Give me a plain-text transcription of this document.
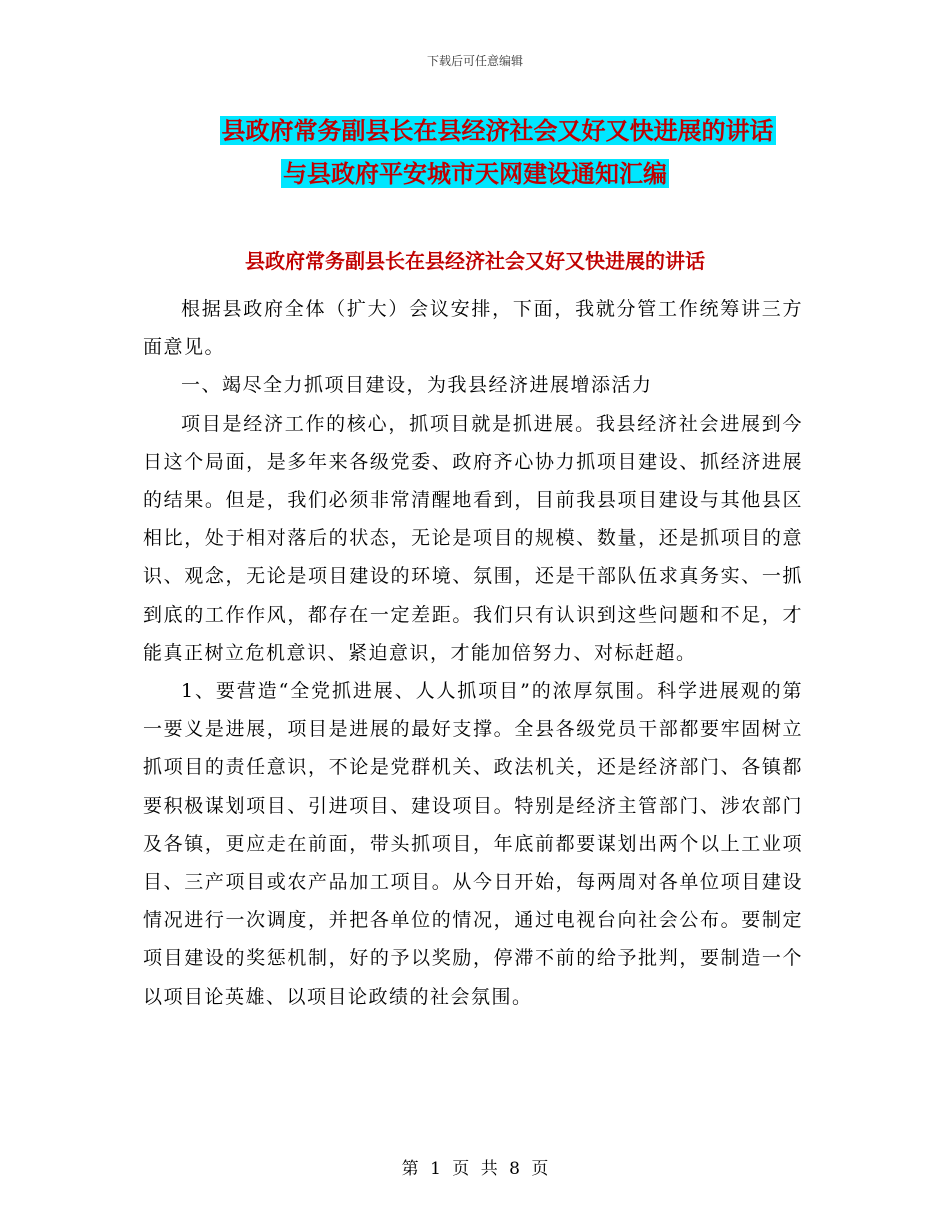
下载后可任意编辑
县政府常务副县长在县经济社会又好又快进展的讲话
与县政府平安城市天网建设通知汇编
县政府常务副县长在县经济社会又好又快进展的讲话

根据县政府全体（扩大）会议安排，下面，我就分管工作统筹讲三方面意见。

一、竭尽全力抓项目建设，为我县经济进展增添活力

项目是经济工作的核心，抓项目就是抓进展。我县经济社会进展到今日这个局面，是多年来各级党委、政府齐心协力抓项目建设、抓经济进展的结果。但是，我们必须非常清醒地看到，目前我县项目建设与其他县区相比，处于相对落后的状态，无论是项目的规模、数量，还是抓项目的意识、观念，无论是项目建设的环境、氛围，还是干部队伍求真务实、一抓到底的工作作风，都存在一定差距。我们只有认识到这些问题和不足，才能真正树立危机意识、紧迫意识，才能加倍努力、对标赶超。

1、要营造“全党抓进展、人人抓项目”的浓厚氛围。科学进展观的第一要义是进展，项目是进展的最好支撑。全县各级党员干部都要牢固树立抓项目的责任意识，不论是党群机关、政法机关，还是经济部门、各镇都要积极谋划项目、引进项目、建设项目。特别是经济主管部门、涉农部门及各镇，更应走在前面，带头抓项目，年底前都要谋划出两个以上工业项目、三产项目或农产品加工项目。从今日开始，每两周对各单位项目建设情况进行一次调度，并把各单位的情况，通过电视台向社会公布。要制定项目建设的奖惩机制，好的予以奖励，停滞不前的给予批判，要制造一个以项目论英雄、以项目论政绩的社会氛围。

第 1 页 共 8 页
